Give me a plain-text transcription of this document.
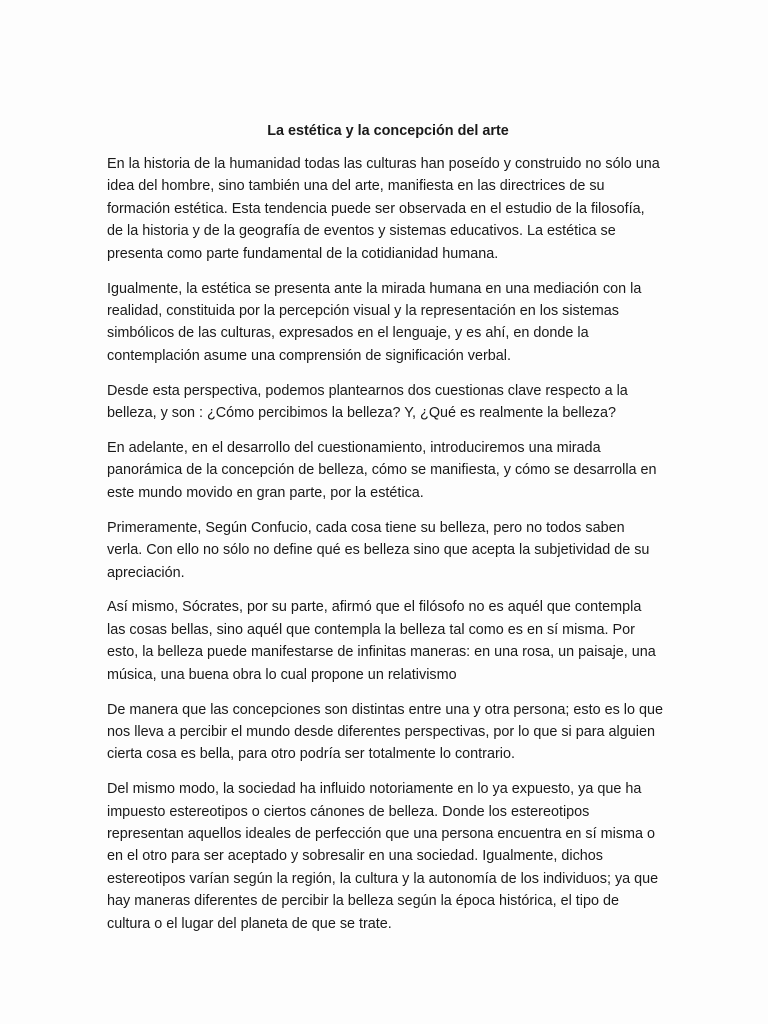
La estética y la concepción del arte

En la historia de la humanidad todas las culturas han poseído y construido no sólo una idea del hombre, sino también una del arte, manifiesta en las directrices de su formación estética. Esta tendencia puede ser observada en el estudio de la filosofía, de la historia y de la geografía de eventos y sistemas educativos. La estética se presenta como parte fundamental de la cotidianidad humana.

Igualmente, la estética se presenta ante la mirada humana en una mediación con la realidad, constituida por la percepción visual y la representación en los sistemas simbólicos de las culturas, expresados en el lenguaje, y es ahí, en donde la contemplación asume una comprensión de significación verbal.

Desde esta perspectiva, podemos plantearnos dos cuestionas clave respecto a la belleza, y son : ¿Cómo percibimos la belleza? Y, ¿Qué es realmente la belleza?

En adelante, en el desarrollo del cuestionamiento, introduciremos una mirada panorámica de la concepción de belleza, cómo se manifiesta, y cómo se desarrolla en este mundo movido en gran parte, por la estética.

Primeramente, Según Confucio, cada cosa tiene su belleza, pero no todos saben verla. Con ello no sólo no define qué es belleza sino que acepta la subjetividad de su apreciación.

Así mismo, Sócrates, por su parte, afirmó que el filósofo no es aquél que contempla las cosas bellas, sino aquél que contempla la belleza tal como es en sí misma. Por esto, la belleza puede manifestarse de infinitas maneras: en una rosa, un paisaje, una música, una buena obra lo cual propone un relativismo

De manera que las concepciones son distintas entre una y otra persona; esto es lo que nos lleva a percibir el mundo desde diferentes perspectivas, por lo que si para alguien cierta cosa es bella, para otro podría ser totalmente lo contrario.

Del mismo modo, la sociedad ha influido notoriamente en lo ya expuesto, ya que ha impuesto estereotipos o ciertos cánones de belleza. Donde los estereotipos representan aquellos ideales de perfección que una persona encuentra en sí misma o en el otro para ser aceptado y sobresalir en una sociedad. Igualmente, dichos estereotipos varían según la región, la cultura y la autonomía de los individuos; ya que hay maneras diferentes de percibir la belleza según la época histórica, el tipo de cultura o el lugar del planeta de que se trate.
